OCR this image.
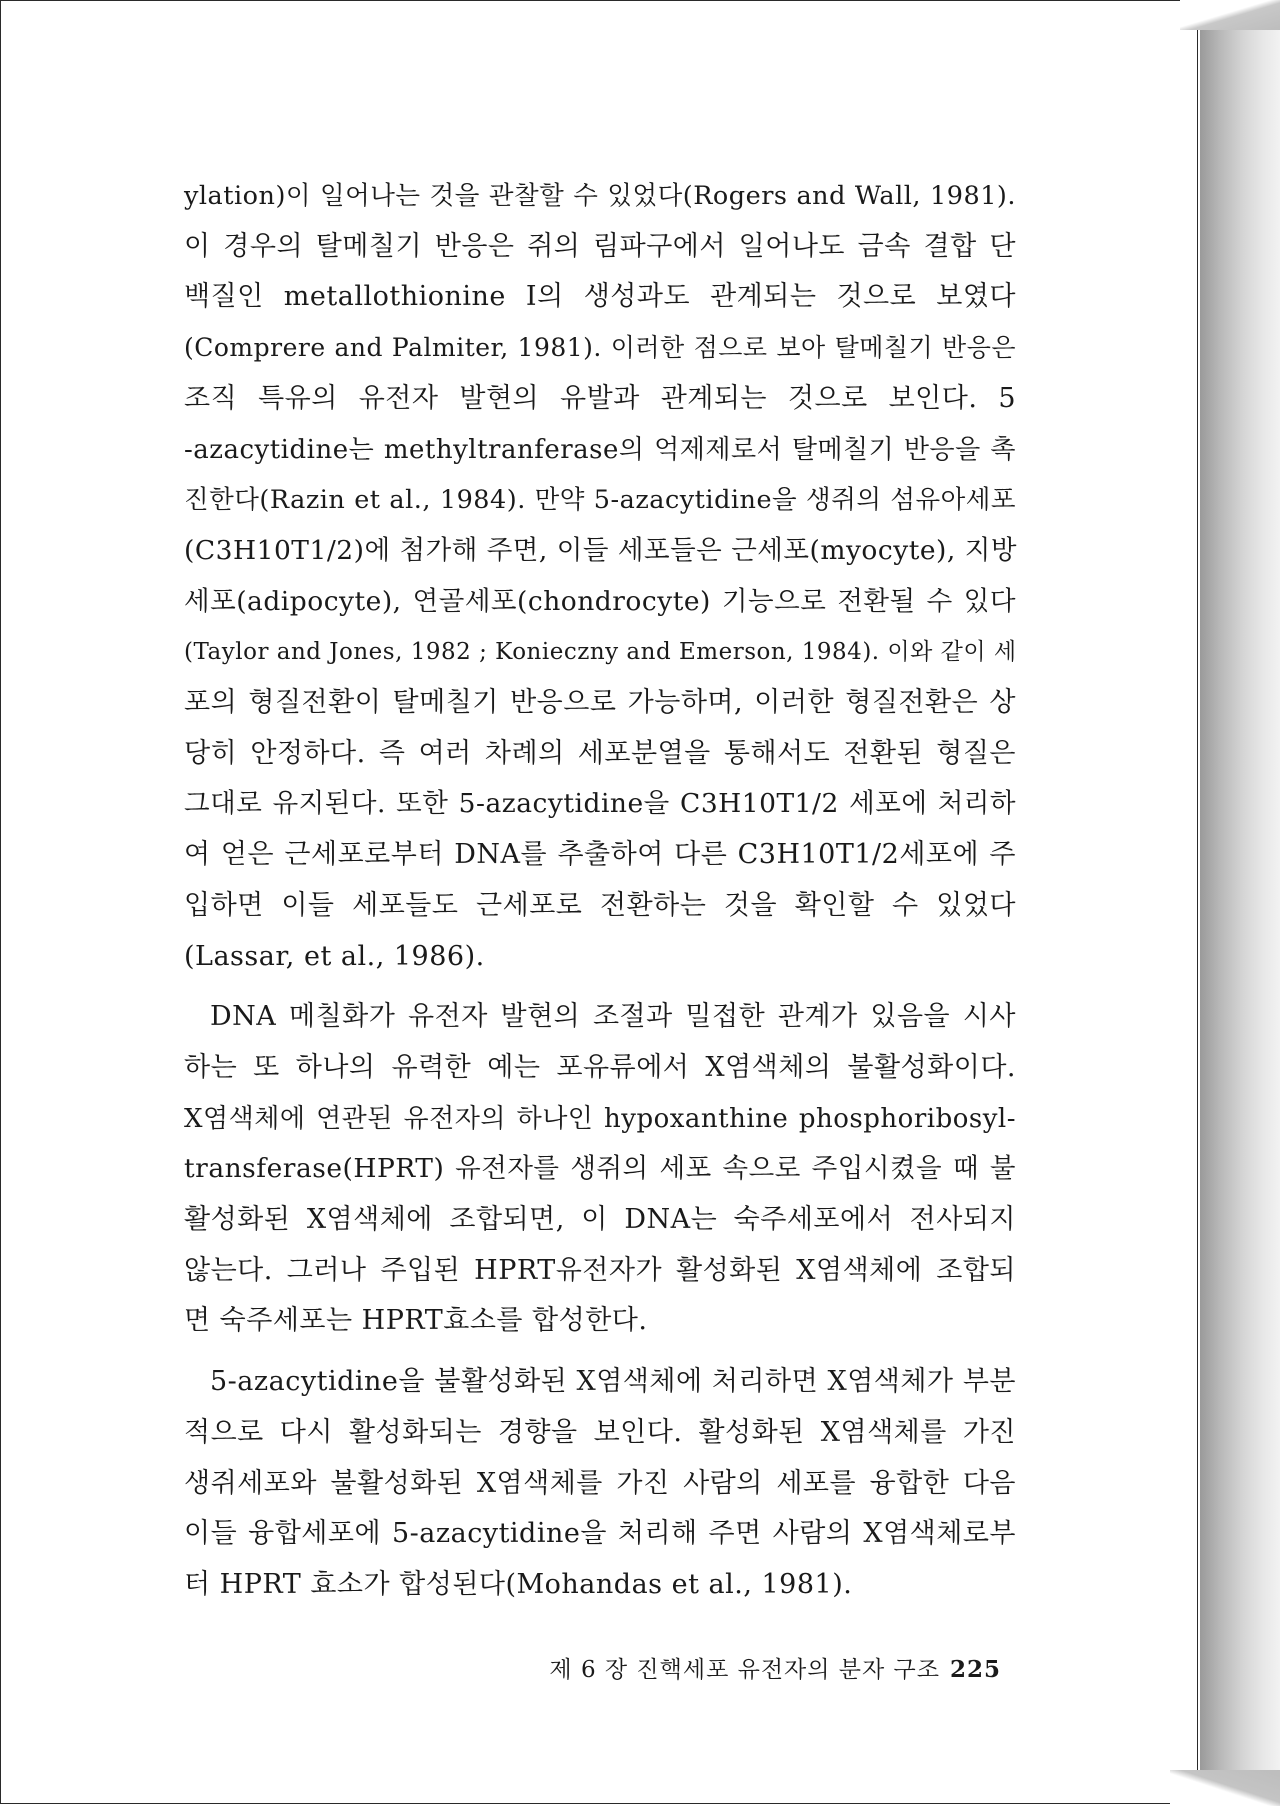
ylation)이 일어나는 것을 관찰할 수 있었다(Rogers and Wall, 1981).
이 경우의 탈메칠기 반응은 쥐의 림파구에서 일어나도 금속 결합 단
백질인 metallothionine I의 생성과도 관계되는 것으로 보였다
(Comprere and Palmiter, 1981). 이러한 점으로 보아 탈메칠기 반응은
조직 특유의 유전자 발현의 유발과 관계되는 것으로 보인다. 5
-azacytidine는 methyltranferase의 억제제로서 탈메칠기 반응을 촉
진한다(Razin et al., 1984). 만약 5-azacytidine을 생쥐의 섬유아세포
(C3H10T1/2)에 첨가해 주면, 이들 세포들은 근세포(myocyte), 지방
세포(adipocyte), 연골세포(chondrocyte) 기능으로 전환될 수 있다
(Taylor and Jones, 1982 ; Konieczny and Emerson, 1984). 이와 같이 세
포의 형질전환이 탈메칠기 반응으로 가능하며, 이러한 형질전환은 상
당히 안정하다. 즉 여러 차례의 세포분열을 통해서도 전환된 형질은
그대로 유지된다. 또한 5-azacytidine을 C3H10T1/2 세포에 처리하
여 얻은 근세포로부터 DNA를 추출하여 다른 C3H10T1/2세포에 주
입하면 이들 세포들도 근세포로 전환하는 것을 확인할 수 있었다
(Lassar, et al., 1986).

DNA 메칠화가 유전자 발현의 조절과 밀접한 관계가 있음을 시사
하는 또 하나의 유력한 예는 포유류에서 X염색체의 불활성화이다.
X염색체에 연관된 유전자의 하나인 hypoxanthine phosphoribosyl-
transferase(HPRT) 유전자를 생쥐의 세포 속으로 주입시켰을 때 불
활성화된 X염색체에 조합되면, 이 DNA는 숙주세포에서 전사되지
않는다. 그러나 주입된 HPRT유전자가 활성화된 X염색체에 조합되
면 숙주세포는 HPRT효소를 합성한다.

5-azacytidine을 불활성화된 X염색체에 처리하면 X염색체가 부분
적으로 다시 활성화되는 경향을 보인다. 활성화된 X염색체를 가진
생쥐세포와 불활성화된 X염색체를 가진 사람의 세포를 융합한 다음
이들 융합세포에 5-azacytidine을 처리해 주면 사람의 X염색체로부
터 HPRT 효소가 합성된다(Mohandas et al., 1981).

제 6 장 진핵세포 유전자의 분자 구조 225
